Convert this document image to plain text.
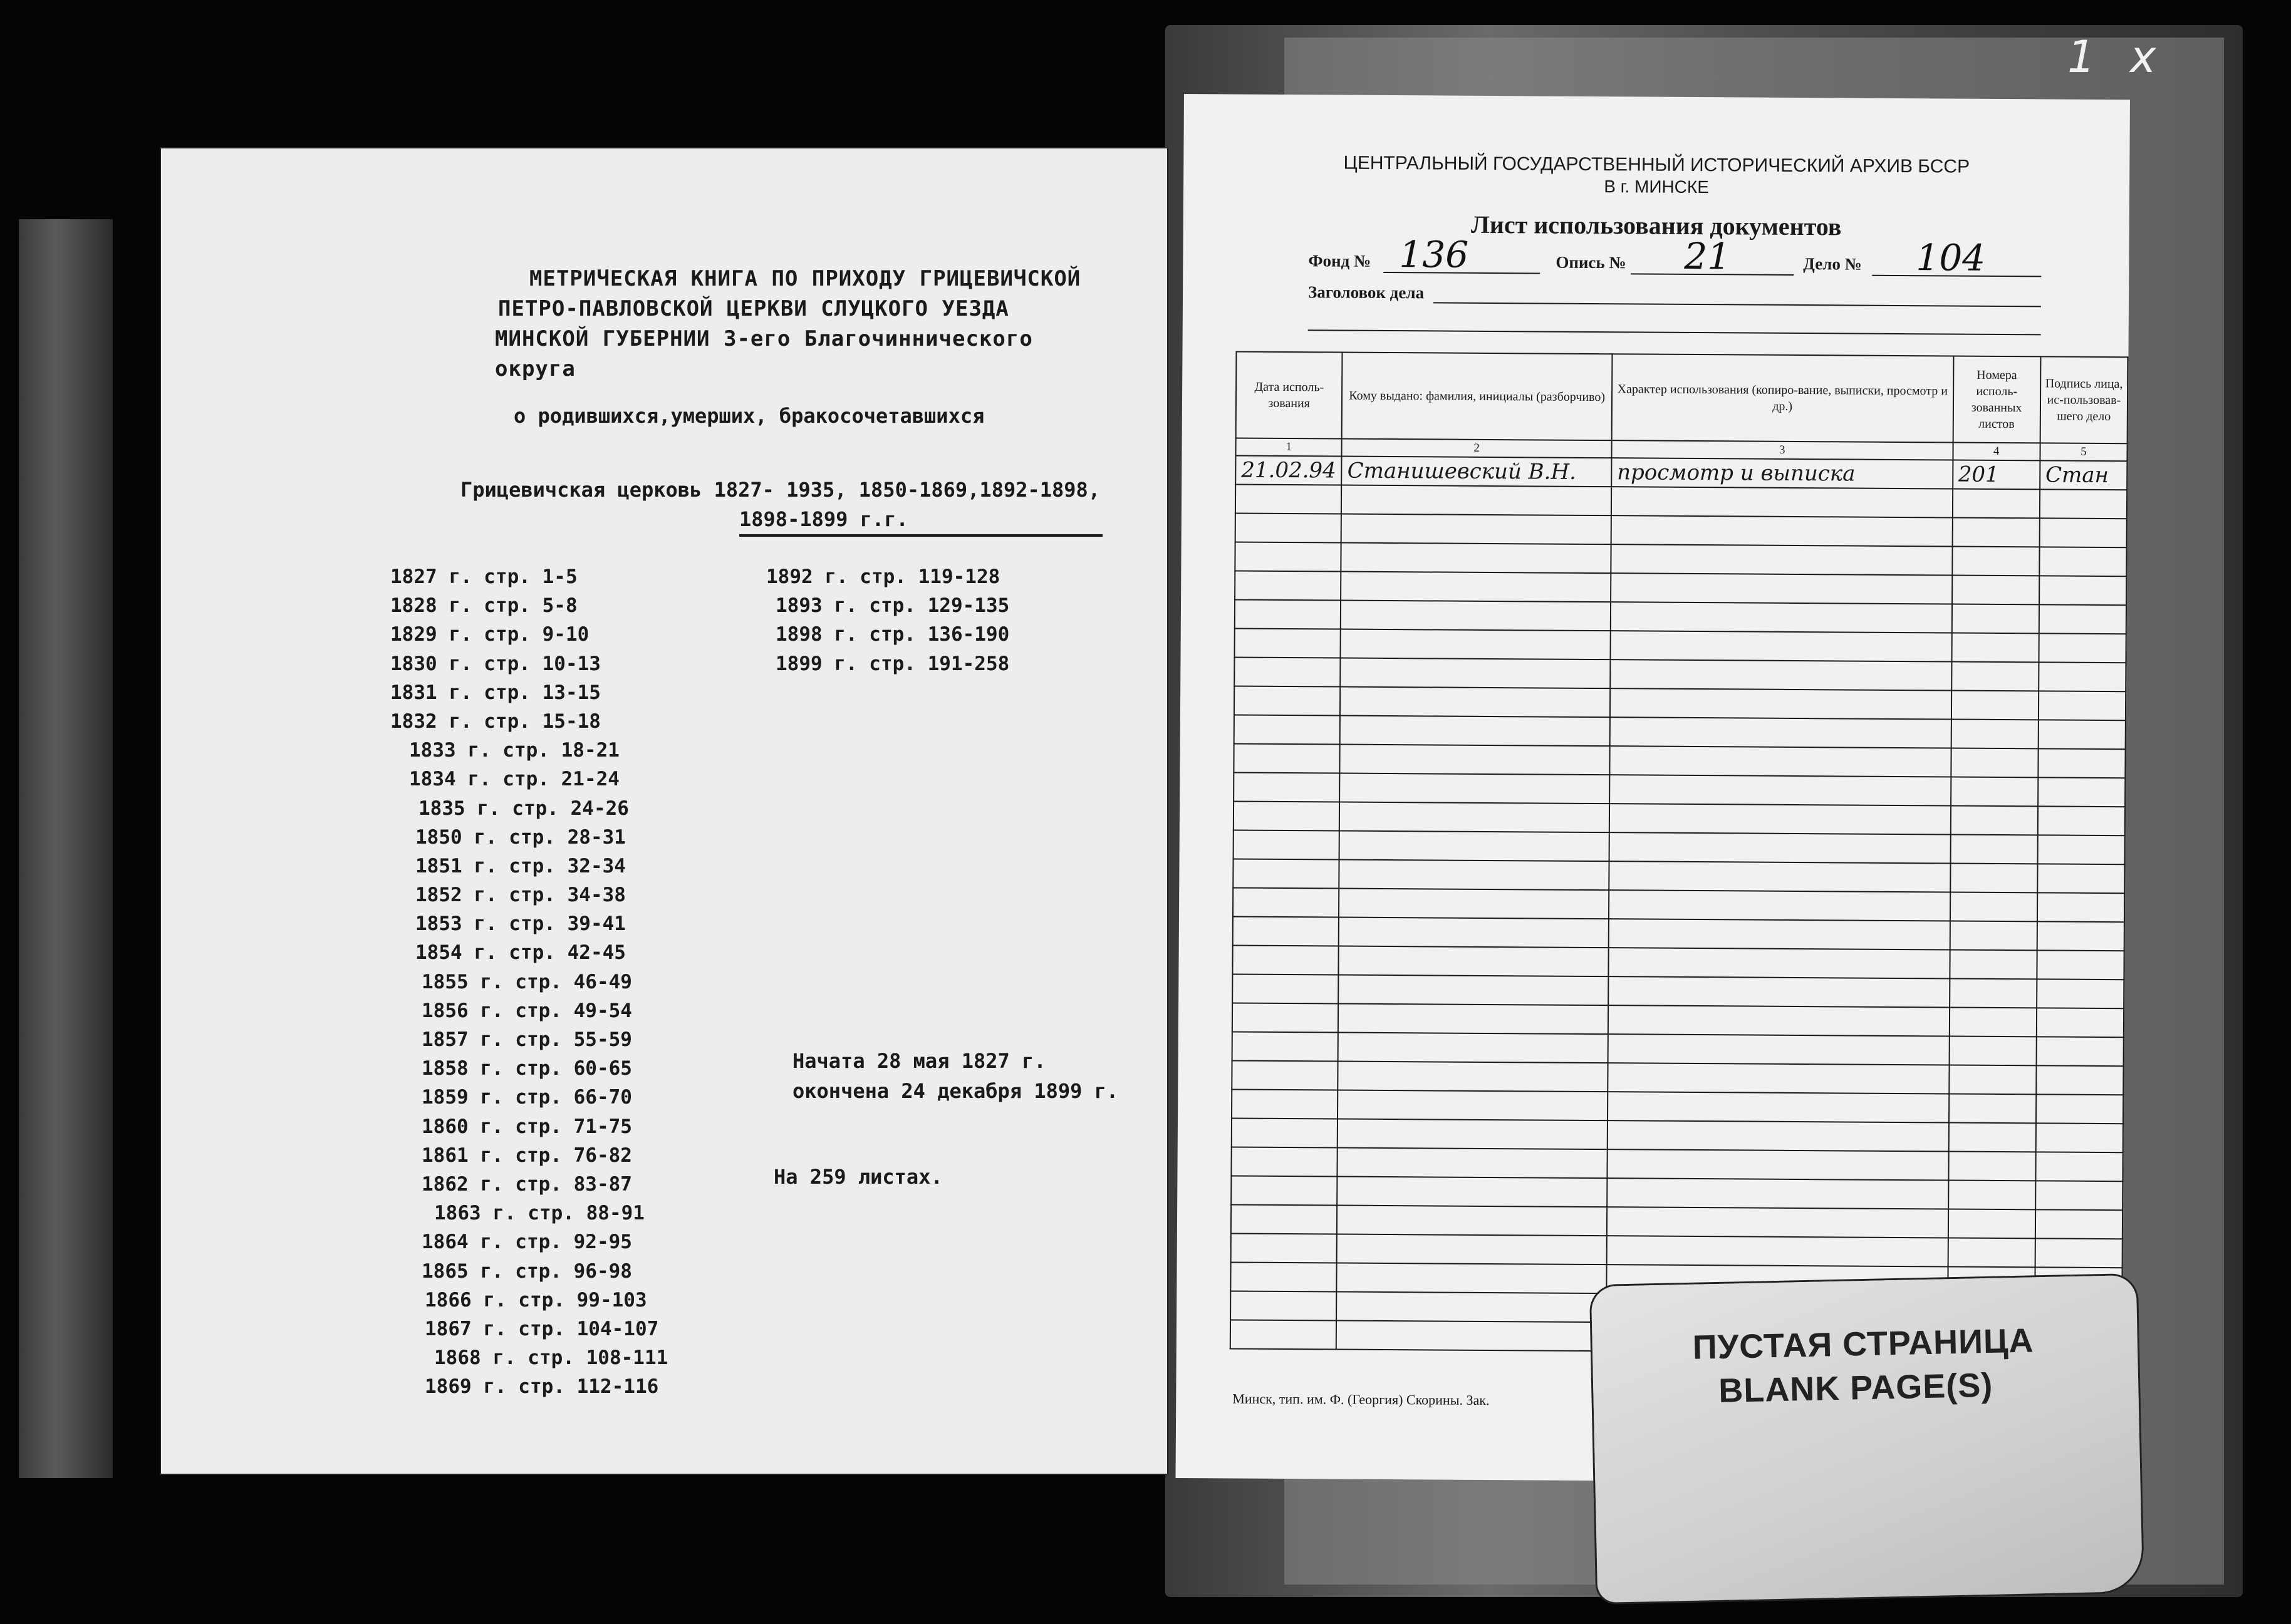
1 x
МЕТРИЧЕСКАЯ КНИГА ПО ПРИХОДУ ГРИЦЕВИЧСКОЙ
ПЕТРО-ПАВЛОВСКОЙ ЦЕРКВИ СЛУЦКОГО УЕЗДА
МИНСКОЙ ГУБЕРНИИ 3-его Благочиннического
округа
о родившихся,умерших, бракосочетавшихся
Грицевичская церковь 1827- 1935, 1850-1869,1892-1898,
1898-1899 г.г.
1827 г. стр. 1-5
1828 г. стр. 5-8
1829 г. стр. 9-10
1830 г. стр. 10-13
1831 г. стр. 13-15
1832 г. стр. 15-18
1833 г. стр. 18-21
1834 г. стр. 21-24
1835 г. стр. 24-26
1850 г. стр. 28-31
1851 г. стр. 32-34
1852 г. стр. 34-38
1853 г. стр. 39-41
1854 г. стр. 42-45
1855 г. стр. 46-49
1856 г. стр. 49-54
1857 г. стр. 55-59
1858 г. стр. 60-65
1859 г. стр. 66-70
1860 г. стр. 71-75
1861 г. стр. 76-82
1862 г. стр. 83-87
1863 г. стр. 88-91
1864 г. стр. 92-95
1865 г. стр. 96-98
1866 г. стр. 99-103
1867 г. стр. 104-107
1868 г. стр. 108-111
1869 г. стр. 112-116
1892 г. стр. 119-128
1893 г. стр. 129-135
1898 г. стр. 136-190
1899 г. стр. 191-258
Начата 28 мая 1827 г.
окончена 24 декабря 1899 г.
На 259 листах.
ЦЕНТРАЛЬНЫЙ ГОСУДАРСТВЕННЫЙ ИСТОРИЧЕСКИЙ АРХИВ БССР
В г. МИНСКЕ
Лист использования документов
Фонд № 136	Опись № 21	Дело № 104
Заголовок дела
Дата исполь-зования	Кому выдано: фамилия, инициалы (разборчиво)	Характер использования (копиро-вание, выписки, просмотр и др.)	Номера исполь-зованных листов	Подпись лица, ис-пользовав-шего дело
1	2	3	4	5
21.02.94	Станишевский В.Н.	просмотр и выписка	201	Стан

Минск, тип. им. Ф. (Георгия) Скорины. Зак.
ПУСТАЯ СТРАНИЦА
BLANK PAGE(S)
